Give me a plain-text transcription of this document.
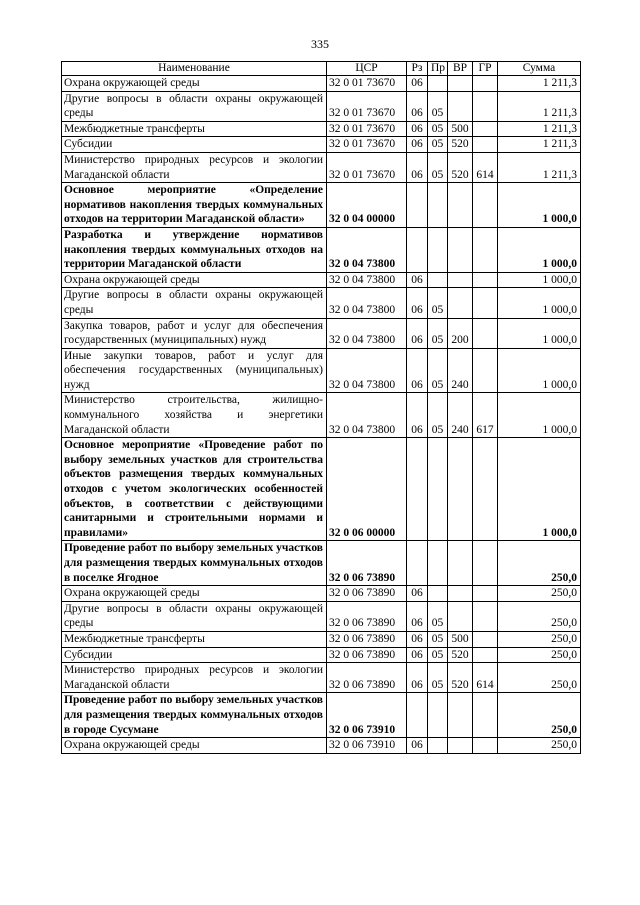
335
Наименование	ЦСР	Рз	Пр	ВР	ГР	Сумма
Охрана окружающей среды	32 0 01 73670	06				1 211,3
Другие вопросы в области охраны окружающей среды	32 0 01 73670	06	05			1 211,3
Межбюджетные трансферты	32 0 01 73670	06	05	500		1 211,3
Субсидии	32 0 01 73670	06	05	520		1 211,3
Министерство природных ресурсов и экологии Магаданской области	32 0 01 73670	06	05	520	614	1 211,3
Основное мероприятие «Определение нормативов накопления твердых коммунальных отходов на территории Магаданской области»	32 0 04 00000					1 000,0
Разработка и утверждение нормативов накопления твердых коммунальных отходов на территории Магаданской области	32 0 04 73800					1 000,0
Охрана окружающей среды	32 0 04 73800	06				1 000,0
Другие вопросы в области охраны окружающей среды	32 0 04 73800	06	05			1 000,0
Закупка товаров, работ и услуг для обеспечения государственных (муниципальных) нужд	32 0 04 73800	06	05	200		1 000,0
Иные закупки товаров, работ и услуг для обеспечения государственных (муниципальных) нужд	32 0 04 73800	06	05	240		1 000,0
Министерство строительства, жилищно-коммунального хозяйства и энергетики Магаданской области	32 0 04 73800	06	05	240	617	1 000,0
Основное мероприятие «Проведение работ по выбору земельных участков для строительства объектов размещения твердых коммунальных отходов с учетом экологических особенностей объектов, в соответствии с действующими санитарными и строительными нормами и правилами»	32 0 06 00000					1 000,0
Проведение работ по выбору земельных участков для размещения твердых коммунальных отходов в поселке Ягодное	32 0 06 73890					250,0
Охрана окружающей среды	32 0 06 73890	06				250,0
Другие вопросы в области охраны окружающей среды	32 0 06 73890	06	05			250,0
Межбюджетные трансферты	32 0 06 73890	06	05	500		250,0
Субсидии	32 0 06 73890	06	05	520		250,0
Министерство природных ресурсов и экологии Магаданской области	32 0 06 73890	06	05	520	614	250,0
Проведение работ по выбору земельных участков для размещения твердых коммунальных отходов в городе Сусумане	32 0 06 73910					250,0
Охрана окружающей среды	32 0 06 73910	06				250,0
